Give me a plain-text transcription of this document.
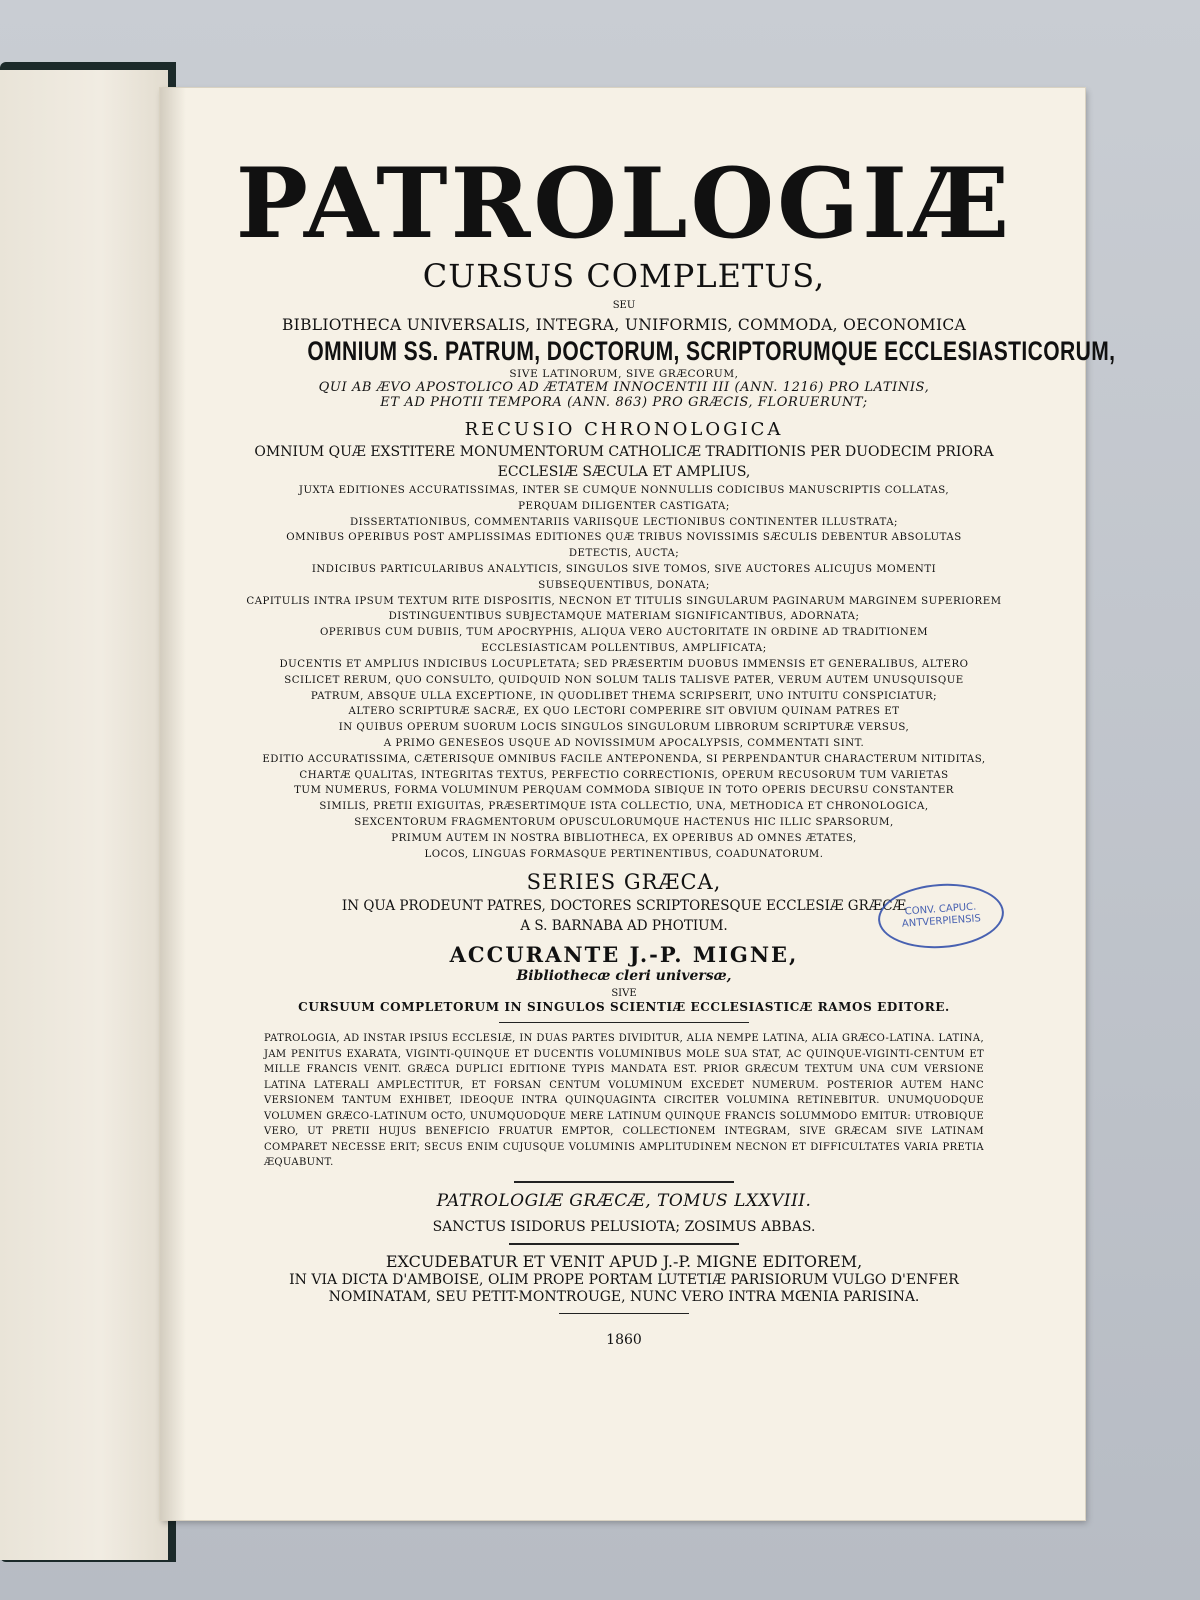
PATROLOGIÆ
CURSUS COMPLETUS,
SEU
BIBLIOTHECA UNIVERSALIS, INTEGRA, UNIFORMIS, COMMODA, OECONOMICA
OMNIUM SS. PATRUM, DOCTORUM, SCRIPTORUMQUE ECCLESIASTICORUM,
SIVE LATINORUM, SIVE GRÆCORUM,
QUI AB ÆVO APOSTOLICO AD ÆTATEM INNOCENTII III (ANN. 1216) PRO LATINIS,
ET AD PHOTII TEMPORA (ANN. 863) PRO GRÆCIS, FLORUERUNT;
RECUSIO CHRONOLOGICA
OMNIUM QUÆ EXSTITERE MONUMENTORUM CATHOLICÆ TRADITIONIS PER DUODECIM PRIORA
ECCLESIÆ SÆCULA ET AMPLIUS,
JUXTA EDITIONES ACCURATISSIMAS, INTER SE CUMQUE NONNULLIS CODICIBUS MANUSCRIPTIS COLLATAS,
PERQUAM DILIGENTER CASTIGATA;
DISSERTATIONIBUS, COMMENTARIIS VARIISQUE LECTIONIBUS CONTINENTER ILLUSTRATA;
OMNIBUS OPERIBUS POST AMPLISSIMAS EDITIONES QUÆ TRIBUS NOVISSIMIS SÆCULIS DEBENTUR ABSOLUTAS
DETECTIS, AUCTA;
INDICIBUS PARTICULARIBUS ANALYTICIS, SINGULOS SIVE TOMOS, SIVE AUCTORES ALICUJUS MOMENTI
SUBSEQUENTIBUS, DONATA;
CAPITULIS INTRA IPSUM TEXTUM RITE DISPOSITIS, NECNON ET TITULIS SINGULARUM PAGINARUM MARGINEM SUPERIOREM
DISTINGUENTIBUS SUBJECTAMQUE MATERIAM SIGNIFICANTIBUS, ADORNATA;
OPERIBUS CUM DUBIIS, TUM APOCRYPHIS, ALIQUA VERO AUCTORITATE IN ORDINE AD TRADITIONEM
ECCLESIASTICAM POLLENTIBUS, AMPLIFICATA;
DUCENTIS ET AMPLIUS INDICIBUS LOCUPLETATA; SED PRÆSERTIM DUOBUS IMMENSIS ET GENERALIBUS, ALTERO
SCILICET RERUM, QUO CONSULTO, QUIDQUID NON SOLUM TALIS TALISVE PATER, VERUM AUTEM UNUSQUISQUE
PATRUM, ABSQUE ULLA EXCEPTIONE, IN QUODLIBET THEMA SCRIPSERIT, UNO INTUITU CONSPICIATUR;
ALTERO SCRIPTURÆ SACRÆ, EX QUO LECTORI COMPERIRE SIT OBVIUM QUINAM PATRES ET
IN QUIBUS OPERUM SUORUM LOCIS SINGULOS SINGULORUM LIBRORUM SCRIPTURÆ VERSUS,
A PRIMO GENESEOS USQUE AD NOVISSIMUM APOCALYPSIS, COMMENTATI SINT.
EDITIO ACCURATISSIMA, CÆTERISQUE OMNIBUS FACILE ANTEPONENDA, SI PERPENDANTUR CHARACTERUM NITIDITAS,
CHARTÆ QUALITAS, INTEGRITAS TEXTUS, PERFECTIO CORRECTIONIS, OPERUM RECUSORUM TUM VARIETAS
TUM NUMERUS, FORMA VOLUMINUM PERQUAM COMMODA SIBIQUE IN TOTO OPERIS DECURSU CONSTANTER
SIMILIS, PRETII EXIGUITAS, PRÆSERTIMQUE ISTA COLLECTIO, UNA, METHODICA ET CHRONOLOGICA,
SEXCENTORUM FRAGMENTORUM OPUSCULORUMQUE HACTENUS HIC ILLIC SPARSORUM,
PRIMUM AUTEM IN NOSTRA BIBLIOTHECA, EX OPERIBUS AD OMNES ÆTATES,
LOCOS, LINGUAS FORMASQUE PERTINENTIBUS, COADUNATORUM.
SERIES GRÆCA,
IN QUA PRODEUNT PATRES, DOCTORES SCRIPTORESQUE ECCLESIÆ GRÆCÆ
A S. BARNABA AD PHOTIUM.
ACCURANTE J.-P. MIGNE,
Bibliothecæ cleri universæ,
SIVE
CURSUUM COMPLETORUM IN SINGULOS SCIENTIÆ ECCLESIASTICÆ RAMOS EDITORE.

PATROLOGIA, AD INSTAR IPSIUS ECCLESIÆ, IN DUAS PARTES DIVIDITUR, ALIA NEMPE LATINA, ALIA GRÆCO-LATINA. LATINA, JAM PENITUS EXARATA, VIGINTI-QUINQUE ET DUCENTIS VOLUMINIBUS MOLE SUA STAT, AC QUINQUE-VIGINTI-CENTUM ET MILLE FRANCIS VENIT. GRÆCA DUPLICI EDITIONE TYPIS MANDATA EST. PRIOR GRÆCUM TEXTUM UNA CUM VERSIONE LATINA LATERALI AMPLECTITUR, ET FORSAN CENTUM VOLUMINUM EXCEDET NUMERUM. POSTERIOR AUTEM HANC VERSIONEM TANTUM EXHIBET, IDEOQUE INTRA QUINQUAGINTA CIRCITER VOLUMINA RETINEBITUR. UNUMQUODQUE VOLUMEN GRÆCO-LATINUM OCTO, UNUMQUODQUE MERE LATINUM QUINQUE FRANCIS SOLUMMODO EMITUR: UTROBIQUE VERO, UT PRETII HUJUS BENEFICIO FRUATUR EMPTOR, COLLECTIONEM INTEGRAM, SIVE GRÆCAM SIVE LATINAM COMPARET NECESSE ERIT; SECUS ENIM CUJUSQUE VOLUMINIS AMPLITUDINEM NECNON ET DIFFICULTATES VARIA PRETIA ÆQUABUNT.

PATROLOGIÆ GRÆCÆ, TOMUS LXXVIII.
SANCTUS ISIDORUS PELUSIOTA; ZOSIMUS ABBAS.
EXCUDEBATUR ET VENIT APUD J.-P. MIGNE EDITOREM,
IN VIA DICTA D'AMBOISE, OLIM PROPE PORTAM LUTETIÆ PARISIORUM VULGO D'ENFER
NOMINATAM, SEU PETIT-MONTROUGE, NUNC VERO INTRA MŒNIA PARISINA.
1860
CONV. CAPUC.
ANTVERPIENSIS
